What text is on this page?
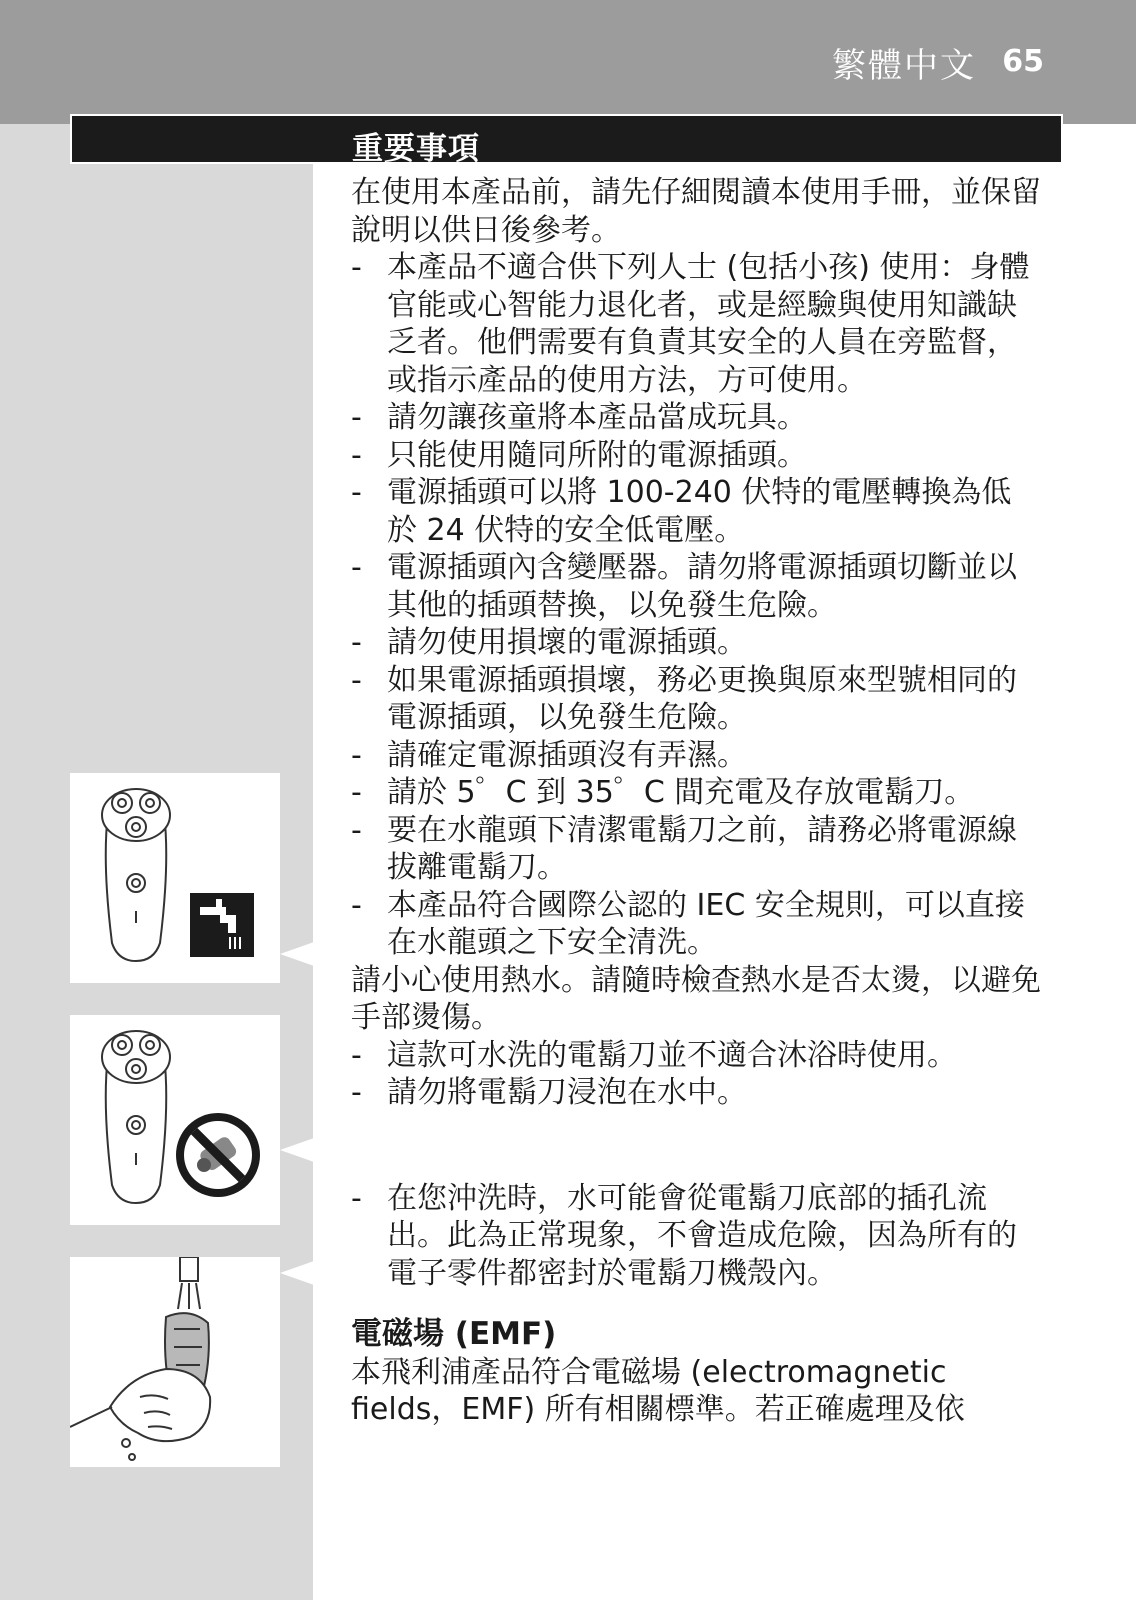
繁體中文 65
重要事項

在使用本產品前，請先仔細閱讀本使用手冊，並保留說明以供日後參考。

- 本產品不適合供下列人士 (包括小孩) 使用：身體官能或心智能力退化者，或是經驗與使用知識缺乏者。他們需要有負責其安全的人員在旁監督，或指示產品的使用方法，方可使用。
- 請勿讓孩童將本產品當成玩具。
- 只能使用隨同所附的電源插頭。
- 電源插頭可以將 100-240 伏特的電壓轉換為低於 24 伏特的安全低電壓。
- 電源插頭內含變壓器。請勿將電源插頭切斷並以其他的插頭替換，以免發生危險。
- 請勿使用損壞的電源插頭。
- 如果電源插頭損壞，務必更換與原來型號相同的電源插頭，以免發生危險。
- 請確定電源插頭沒有弄濕。
- 請於 5゜C 到 35゜C 間充電及存放電鬍刀。
- 要在水龍頭下清潔電鬍刀之前，請務必將電源線拔離電鬍刀。
- 本產品符合國際公認的 IEC 安全規則，可以直接在水龍頭之下安全清洗。

請小心使用熱水。請隨時檢查熱水是否太燙，以避免手部燙傷。

- 這款可水洗的電鬍刀並不適合沐浴時使用。
- 請勿將電鬍刀浸泡在水中。
- 在您沖洗時，水可能會從電鬍刀底部的插孔流出。此為正常現象，不會造成危險，因為所有的電子零件都密封於電鬍刀機殼內。

電磁場 (EMF)

本飛利浦產品符合電磁場 (electromagnetic fields，EMF) 所有相關標準。若正確處理及依
